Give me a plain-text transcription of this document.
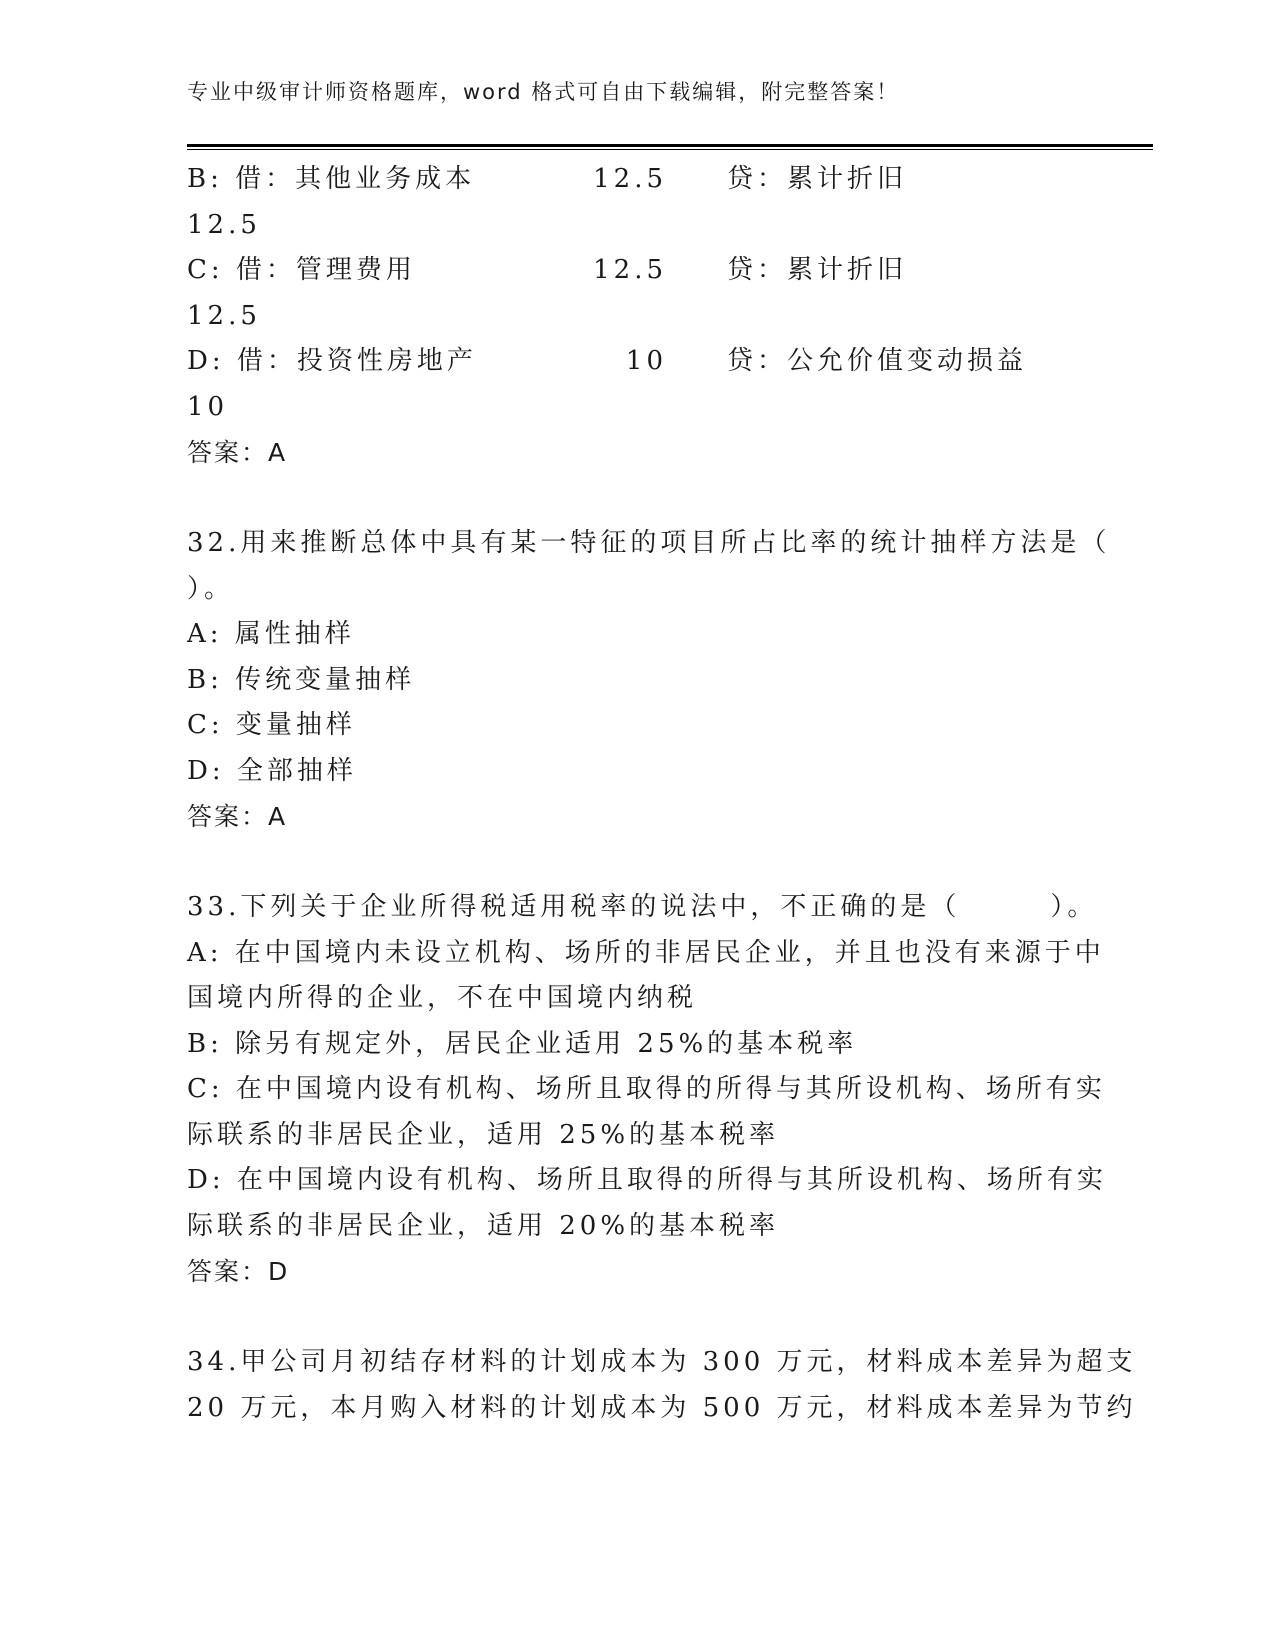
专业中级审计师资格题库，word 格式可自由下载编辑，附完整答案！
B: 借：其他业务成本	12.5	贷：累计折旧
12.5
C: 借：管理费用	12.5	贷：累计折旧
12.5
D: 借：投资性房地产	10	贷：公允价值变动损益
10
答案：A
32.用来推断总体中具有某一特征的项目所占比率的统计抽样方法是（
）。
A: 属性抽样
B: 传统变量抽样
C: 变量抽样
D: 全部抽样
答案：A
33.下列关于企业所得税适用税率的说法中，不正确的是（　　　）。
A: 在中国境内未设立机构、场所的非居民企业，并且也没有来源于中
国境内所得的企业，不在中国境内纳税
B: 除另有规定外，居民企业适用 25%的基本税率
C: 在中国境内设有机构、场所且取得的所得与其所设机构、场所有实
际联系的非居民企业，适用 25%的基本税率
D: 在中国境内设有机构、场所且取得的所得与其所设机构、场所有实
际联系的非居民企业，适用 20%的基本税率
答案：D
34.甲公司月初结存材料的计划成本为 300 万元，材料成本差异为超支
20 万元，本月购入材料的计划成本为 500 万元，材料成本差异为节约
